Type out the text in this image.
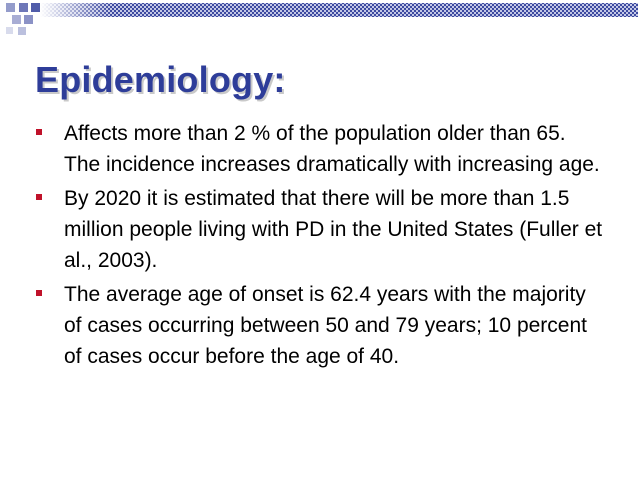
Epidemiology:
Affects more than 2 % of the population older than 65. The incidence increases dramatically with increasing age.
By 2020 it is estimated that there will be more than 1.5 million people living with PD in the United States (Fuller et al., 2003).
The average age of onset is 62.4 years with the majority of cases occurring between 50 and 79 years; 10 percent of cases occur before the age of 40.
